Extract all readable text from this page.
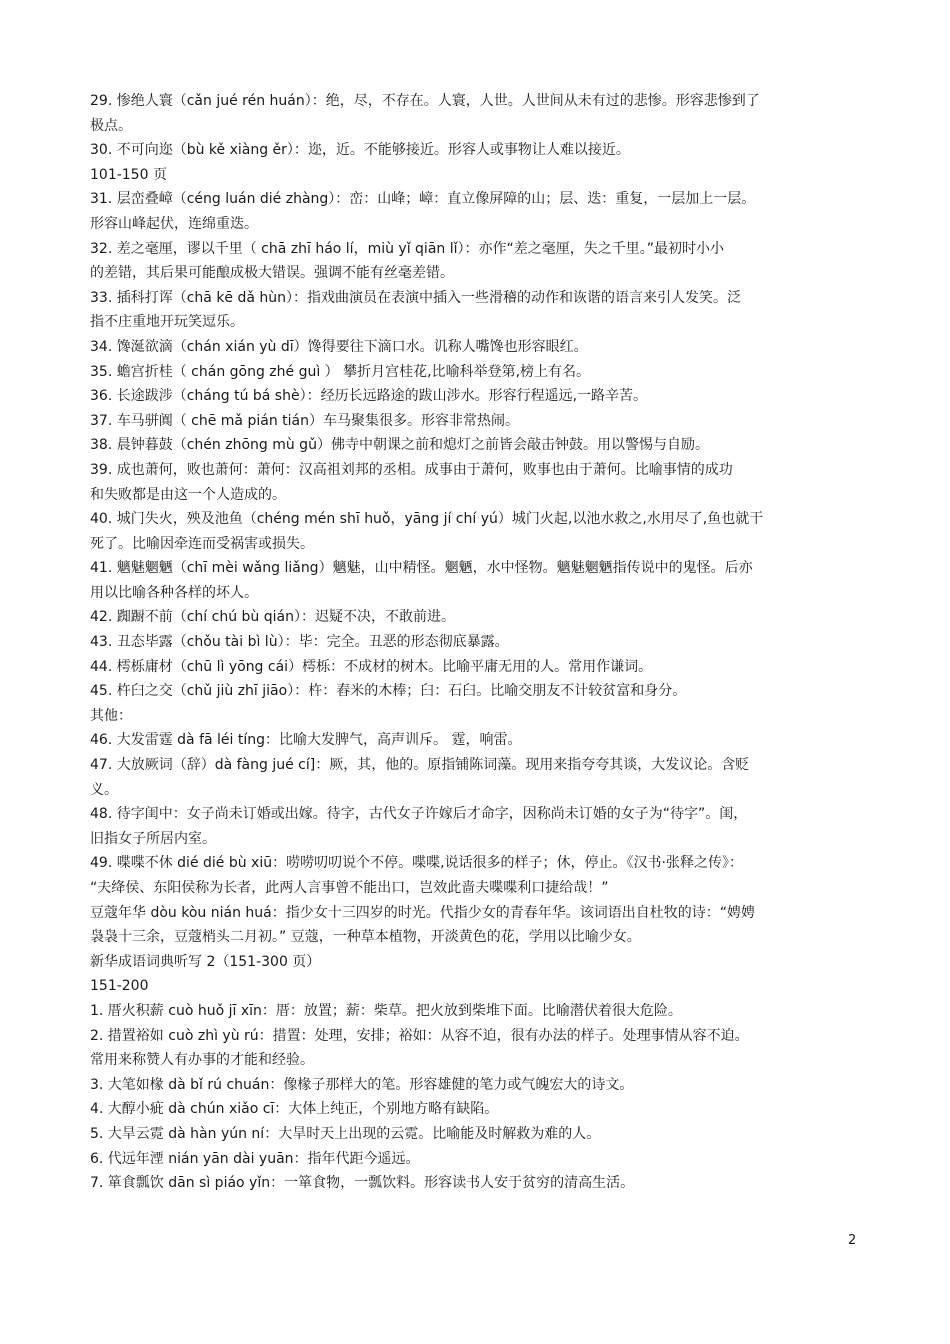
29. 惨绝人寰（cǎn jué rén huán）：绝，尽，不存在。人寰，人世。人世间从未有过的悲惨。形容悲惨到了
极点。
30. 不可向迩（bù kě xiàng ěr）：迩，近。不能够接近。形容人或事物让人难以接近。
101-150 页
31. 层峦叠嶂（céng luán dié zhàng）：峦：山峰；嶂：直立像屏障的山；层、迭：重复，一层加上一层。
形容山峰起伏，连绵重迭。
32. 差之毫厘，谬以千里（ chā zhī háo lí，miù yǐ qiān lǐ）：亦作“差之毫厘，失之千里。”最初时小小
的差错，其后果可能酿成极大错误。强调不能有丝毫差错。
33. 插科打诨（chā kē dǎ hùn）：指戏曲演员在表演中插入一些滑稽的动作和诙谐的语言来引人发笑。泛
指不庄重地开玩笑逗乐。
34. 馋涎欲滴（chán xián yù dī）馋得要往下滴口水。讥称人嘴馋也形容眼红。
35. 蟾宫折桂（ chán gōng zhé guì ） 攀折月宫桂花,比喻科举登第,榜上有名。
36. 长途跋涉（cháng tú bá shè）：经历长远路途的跋山涉水。形容行程遥远,一路辛苦。
37. 车马骈阗（ chē mǎ pián tián）车马聚集很多。形容非常热闹。
38. 晨钟暮鼓（chén zhōng mù gǔ）佛寺中朝课之前和熄灯之前皆会敲击钟鼓。用以警惕与自励。
39. 成也萧何，败也萧何：萧何：汉高祖刘邦的丞相。成事由于萧何，败事也由于萧何。比喻事情的成功
和失败都是由这一个人造成的。
40. 城门失火，殃及池鱼（chéng mén shī huǒ，yāng jí chí yú）城门火起,以池水救之,水用尽了,鱼也就干
死了。比喻因牵连而受祸害或损失。
41. 魑魅魍魉（chī mèi wǎng liǎng）魑魅，山中精怪。魍魉，水中怪物。魑魅魍魉指传说中的鬼怪。后亦
用以比喻各种各样的坏人。
42. 踟蹰不前（chí chú bù qián）：迟疑不决，不敢前进。
43. 丑态毕露（chǒu tài bì lù）：毕：完全。丑恶的形态彻底暴露。
44. 樗栎庸材（chū lì yōng cái）樗栎：不成材的树木。比喻平庸无用的人。常用作谦词。
45. 杵臼之交（chǔ jiù zhī jiāo）：杵：舂米的木棒；臼：石臼。比喻交朋友不计较贫富和身分。
其他：
46. 大发雷霆 dà fā léi tíng：比喻大发脾气，高声训斥。 霆，响雷。
47. 大放厥词（辞）dà fàng jué cí]：厥，其，他的。原指铺陈词藻。现用来指夸夸其谈，大发议论。含贬
义。
48. 待字闺中：女子尚未订婚或出嫁。待字，古代女子许嫁后才命字，因称尚未订婚的女子为“待字”。闺，
旧指女子所居内室。
49. 喋喋不休 dié dié bù xiū：唠唠叨叨说个不停。喋喋,说话很多的样子；休，停止。《汉书·张释之传》：
“夫绛侯、东阳侯称为长者，此两人言事曾不能出口，岂效此啬夫喋喋利口捷给哉！”
豆蔻年华 dòu kòu nián huá：指少女十三四岁的时光。代指少女的青春年华。该词语出自杜牧的诗：“娉娉
袅袅十三余，豆蔻梢头二月初。” 豆蔻，一种草本植物，开淡黄色的花，学用以比喻少女。
新华成语词典听写 2（151-300 页）
151-200
1. 厝火积薪 cuò huǒ jī xīn：厝：放置；薪：柴草。把火放到柴堆下面。比喻潜伏着很大危险。
2. 措置裕如 cuò zhì yù rú：措置：处理，安排；裕如：从容不迫，很有办法的样子。处理事情从容不迫。
常用来称赞人有办事的才能和经验。
3. 大笔如椽 dà bǐ rú chuán：像椽子那样大的笔。形容雄健的笔力或气魄宏大的诗文。
4. 大醇小疵 dà chún xiǎo cī：大体上纯正，个别地方略有缺陷。
5. 大旱云霓 dà hàn yún ní：大旱时天上出现的云霓。比喻能及时解救为难的人。
6. 代远年湮 nián yān dài yuān：指年代距今遥远。
7. 箪食瓢饮 dān sì piáo yǐn：一箪食物，一瓢饮料。形容读书人安于贫穷的清高生活。
2
